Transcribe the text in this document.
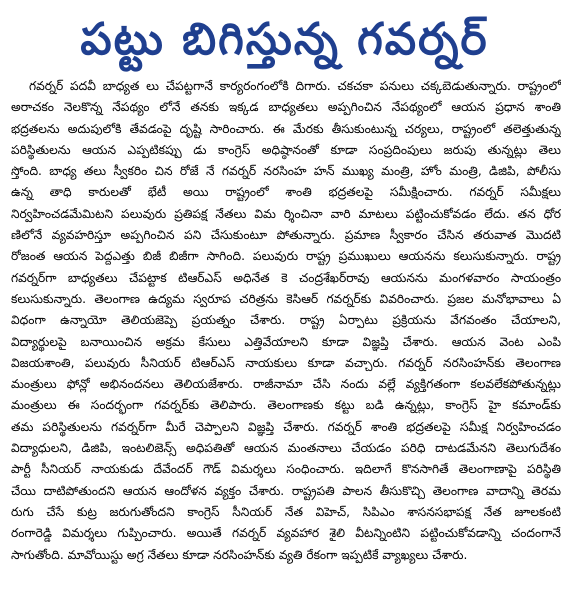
పట్టు బిగిస్తున్న గవర్నర్
గవర్నర్ పదవీ బాధ్యత లు చేపట్టగానే కార్యరంగంలోకి దిగారు. చకచకా పనులు చక్కబెడుతున్నారు. రాష్ట్రంలో
అరాచకం నెలకొన్న నేపథ్యం లోనే తనకు ఇక్కడ బాధ్యతలు అప్పగించిన నేపథ్యంలో ఆయన ప్రధాన శాంతి
భద్రతలను అదుపులోకి తేవడంపై దృష్టి సారించారు. ఈ మేరకు తీసుకుంటున్న చర్యలు, రాష్ట్రంలో తలెత్తుతున్న
పరిస్థితులను ఆయన ఎప్పటికప్పు డు కాంగ్రెస్ అధిష్ఠానంతో కూడా సంప్రదింపులు జరుపు తున్నట్లు తెలు
స్తోంది. బాధ్య తలు స్వీకరిం చిన రోజే నే గవర్నర్ నరసింహ హన్ ముఖ్య మంత్రి, హోం మంత్రి, డిజిపి, పోలీసు
ఉన్న తాధి కారులతో భేటీ అయి రాష్ట్రంలో శాంతి భద్రతలపై సమీక్షించారు. గవర్నర్ సమీక్షలు
నిర్వహించడమేమిటని పలువురు ప్రతిపక్ష నేతలు విమ ర్శించినా వారి మాటలు పట్టించుకోవడం లేదు. తన ధోర
ణిలోనే వ్యవహరిస్తూ అప్పగించిన పని చేసుకుంటూ పోతున్నారు. ప్రమాణ స్వీకారం చేసిన తరువాత మొదటి
రోజంత ఆయన పెద్దఎత్తు బిజీ బిజీగా సాగింది. పలువురు రాష్ట్ర ప్రముఖులు ఆయనను కలుసుకున్నారు. రాష్ట్ర
గవర్నర్‌గా బాధ్యతలు చేపట్టాక టిఆర్ఎస్ అధినేత కె చంద్రశేఖర్‌రావు ఆయనను మంగళవారం సాయంత్రం
కలుసుకున్నారు. తెలంగాణ ఉద్యమ స్వరూప చరిత్రను కెసిఆర్ గవర్నర్‌కు వివరించారు. ప్రజల మనోభావాలు ఏ
విధంగా ఉన్నాయో తెలియజెప్పె ప్రయత్నం చేశారు. రాష్ట్ర ఏర్పాటు ప్రక్రియను వేగవంతం చేయాలని,
విద్యార్థులపై బనాయించిన అక్రమ కేసులు ఎత్తివేయాలని కూడా విజ్ఞప్తి చేశారు. ఆయన వెంట ఎంపి
విజయశాంతి, పలువురు సీనియర్ టిఆర్ఎస్ నాయకులు కూడా వచ్చారు. గవర్నర్ నరసింహన్‌కు తెలంగాణ
మంత్రులు ఫోన్లో అభినందనలు తెలియజేశారు. రాజీనామా చేసి నందు వల్లే వ్యక్తిగతంగా కలవలేకపోతున్నట్లు
మంత్రులు ఈ సందర్భంగా గవర్నర్‌కు తెలిపారు. తెలంగాణకు కట్టు బడి ఉన్నట్లు, కాంగ్రెస్ హై కమాండ్‌కు
తమ పరిస్థితులను గవర్నర్‌గా మీరే చెప్పాలని విజ్ఞప్తి చేశారు. గవర్నర్ శాంతి భద్రతలపై సమీక్ష నిర్వహించడం
విద్యాధులని, డిజిపి, ఇంటలిజెన్స్ అధిపతితో ఆయన మంతనాలు చేయడం పరిధి దాటడమేనని తెలుగుదేశం
పార్టీ సీనియర్ నాయకుడు దేవేందర్ గౌడ్ విమర్శలు సంధించారు. ఇదిలాగే కొనసాగితే తెలంగాణాపై పరిస్థితి
చేయి దాటిపోతుందని ఆయన ఆందోళన వ్యక్తం చేశారు. రాష్ట్రపతి పాలన తీసుకొచ్చి తెలంగాణ వాదాన్ని తెరమ
రుగు చేసే కుట్ర జరుగుతోందని కాంగ్రెస్ సీనియర్ నేత విహెచ్, సిపిఎం శాసనసభాపక్ష నేత జూలకంటి
రంగారెడ్డి విమర్శలు గుప్పించారు. అయితే గవర్నర్ వ్యవహార శైలి వీటన్నింటిని పట్టించుకోవడాన్ని చందంగానే
సాగుతోంది. మావోయిస్టు అగ్ర నేతలు కూడా నరసింహన్‌కు వ్యతి రేకంగా ఇప్పటికే వ్యాఖ్యలు చేశారు.
